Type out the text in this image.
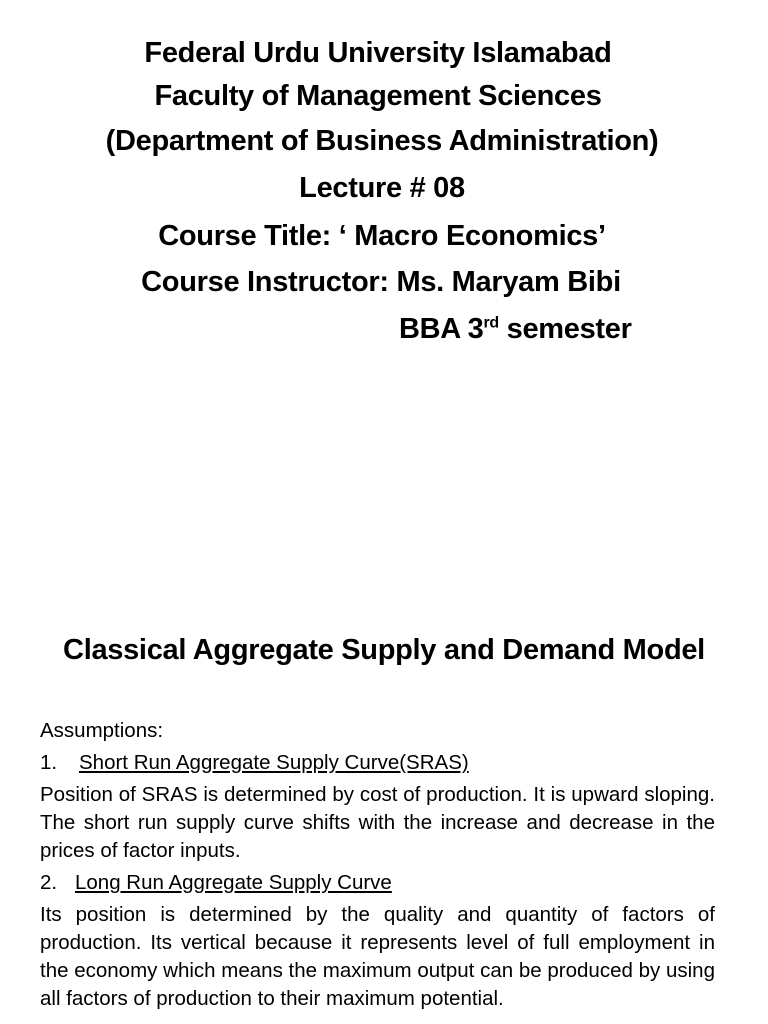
Federal Urdu University Islamabad
Faculty of Management Sciences
(Department of Business Administration)
Lecture # 08
Course Title: ‘ Macro Economics’
Course Instructor: Ms. Maryam Bibi
BBA 3rd semester
Classical Aggregate Supply and Demand Model

Assumptions:

1. Short Run Aggregate Supply Curve(SRAS)

Position of SRAS is determined by cost of production. It is upward sloping. The short run supply curve shifts with the increase and decrease in the prices of factor inputs.

2. Long Run Aggregate Supply Curve

Its position is determined by the quality and quantity of factors of production. Its vertical because it represents level of full employment in the economy which means the maximum output can be produced by using all factors of production to their maximum potential.
